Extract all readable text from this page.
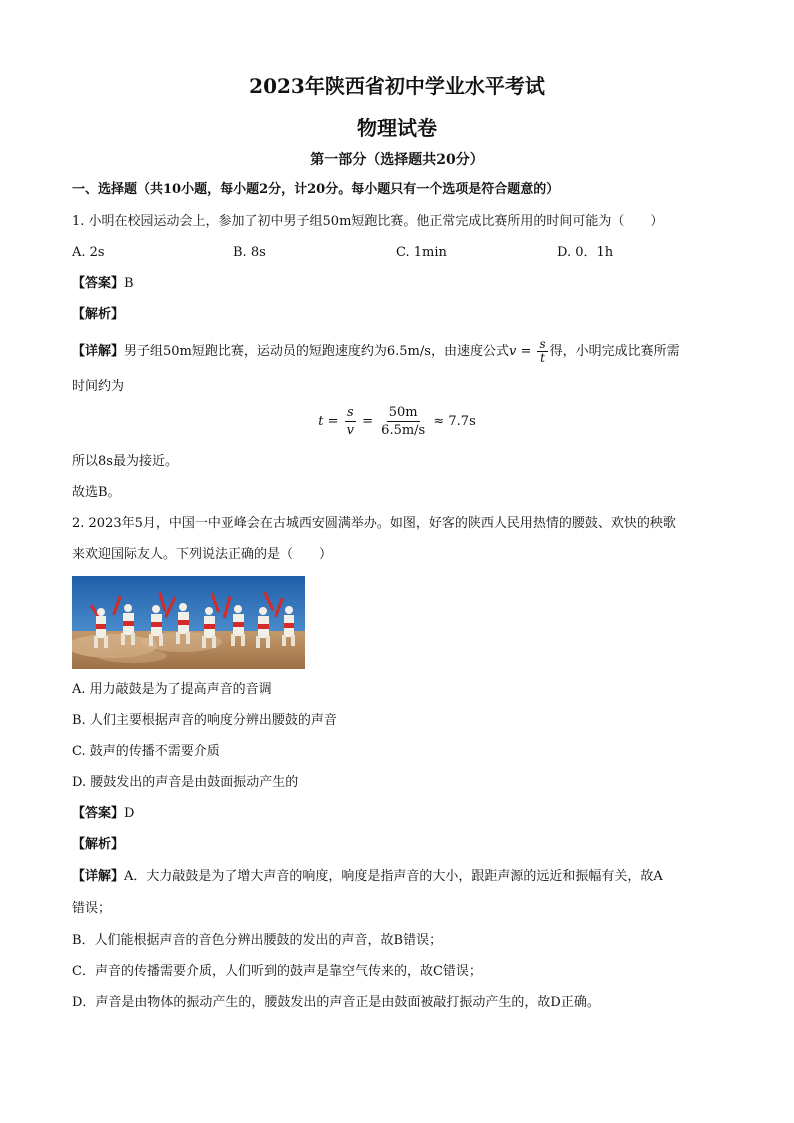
2023年陕西省初中学业水平考试
物理试卷
第一部分（选择题共20分）
一、选择题（共10小题，每小题2分，计20分。每小题只有一个选项是符合题意的）
1. 小明在校园运动会上，参加了初中男子组50m短跑比赛。他正常完成比赛所用的时间可能为（　　）
A. 2s	B. 8s	C. 1min	D. 0．1h
【答案】B
【解析】
【详解】男子组50m短跑比赛，运动员的短跑速度约为6.5m/s，由速度公式$v = \frac{s}{t}$ 得，小明完成比赛所需
时间约为
$t = \frac{s}{v} = \frac{50m}{6.5m/s} \approx 7.7s$
所以8s最为接近。
故选B。
2. 2023年5月，中国一中亚峰会在古城西安圆满举办。如图，好客的陕西人民用热情的腰鼓、欢快的秧歌
来欢迎国际友人。下列说法正确的是（　　）
A. 用力敲鼓是为了提高声音的音调
B. 人们主要根据声音的响度分辨出腰鼓的声音
C. 鼓声的传播不需要介质
D. 腰鼓发出的声音是由鼓面振动产生的
【答案】D
【解析】
【详解】A．大力敲鼓是为了增大声音的响度，响度是指声音的大小，跟距声源的远近和振幅有关，故A
错误；
B．人们能根据声音的音色分辨出腰鼓的发出的声音，故B错误；
C．声音的传播需要介质，人们听到的鼓声是靠空气传来的，故C错误；
D．声音是由物体的振动产生的，腰鼓发出的声音正是由鼓面被敲打振动产生的，故D正确。
